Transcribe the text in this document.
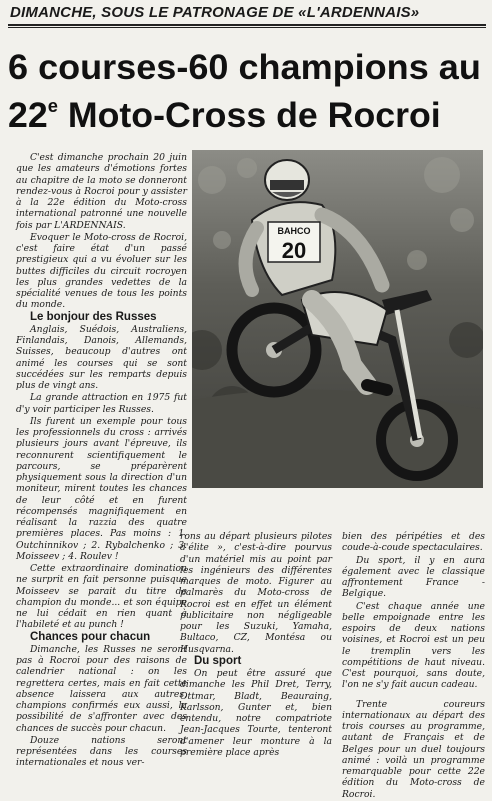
DIMANCHE, SOUS LE PATRONAGE DE «L'ARDENNAIS»
6 courses-60 champions au
22e Moto-Cross de Rocroi

C'est dimanche prochain 20 juin que les amateurs d'émotions fortes au chapitre de la moto se donneront rendez-vous à Rocroi pour y assister à la 22e édition du Moto-cross international patronné une nouvelle fois par L'ARDENNAIS.

Evoquer le Moto-cross de Rocroi, c'est faire état d'un passé prestigieux qui a vu évoluer sur les buttes difficiles du circuit rocroyen les plus grandes vedettes de la spécialité venues de tous les points du monde.

Le bonjour des Russes

Anglais, Suédois, Australiens, Finlandais, Danois, Allemands, Suisses, beaucoup d'autres ont animé les courses qui se sont succédées sur les remparts depuis plus de vingt ans.

La grande attraction en 1975 fut d'y voir participer les Russes.

Ils furent un exemple pour tous les professionnels du cross : arrivés plusieurs jours avant l'épreuve, ils reconnurent scientifiquement le parcours, se préparèrent physiquement sous la direction d'un moniteur, mirent toutes les chances de leur côté et en furent récompensés magnifiquement en réalisant la razzia des quatre premières places. Pas moins : 1. Outchinnikov ; 2. Rybalchenko ; 3. Moisseev ; 4. Roulev !

Cette extraordinaire domination ne surprit en fait personne puisque Moisseev se parait du titre de champion du monde... et son équipe ne lui cédait en rien quant à l'habileté et au punch !

Chances pour chacun

Dimanche, les Russes ne seront pas à Rocroi pour des raisons de calendrier national : on les regrettera certes, mais en fait cette absence laissera aux autres, champions confirmés eux aussi, la possibilité de s'affronter avec des chances de succès pour chacun.

Douze nations seront représentées dans les courses internationales et nous ver-

BAHCO
20

rons au départ plusieurs pilotes d'élite », c'est-à-dire pourvus d'un matériel mis au point par les ingénieurs des différentes marques de moto. Figurer au palmarès du Moto-cross de Rocroi est en effet un élément publicitaire non négligeable pour les Suzuki, Yamaha, Bultaco, CZ, Montésa ou Husqvarna.

Du sport

On peut être assuré que dimanche les Phil Dret, Terry, Ottmar, Bladt, Beauraing, Karlsson, Gunter et, bien entendu, notre compatriote Jean-Jacques Tourte, tenteront d'amener leur monture à la première place après

bien des péripéties et des coude-à-coude spectaculaires.

Du sport, il y en aura également avec le classique affrontement France - Belgique.

C'est chaque année une belle empoignade entre les espoirs de deux nations voisines, et Rocroi est un peu le tremplin vers les compétitions de haut niveau. C'est pourquoi, sans doute, l'on ne s'y fait aucun cadeau.

Trente coureurs internationaux au départ des trois courses au programme, autant de Français et de Belges pour un duel toujours animé : voilà un programme remarquable pour cette 22e édition du Moto-cross de Rocroi.
